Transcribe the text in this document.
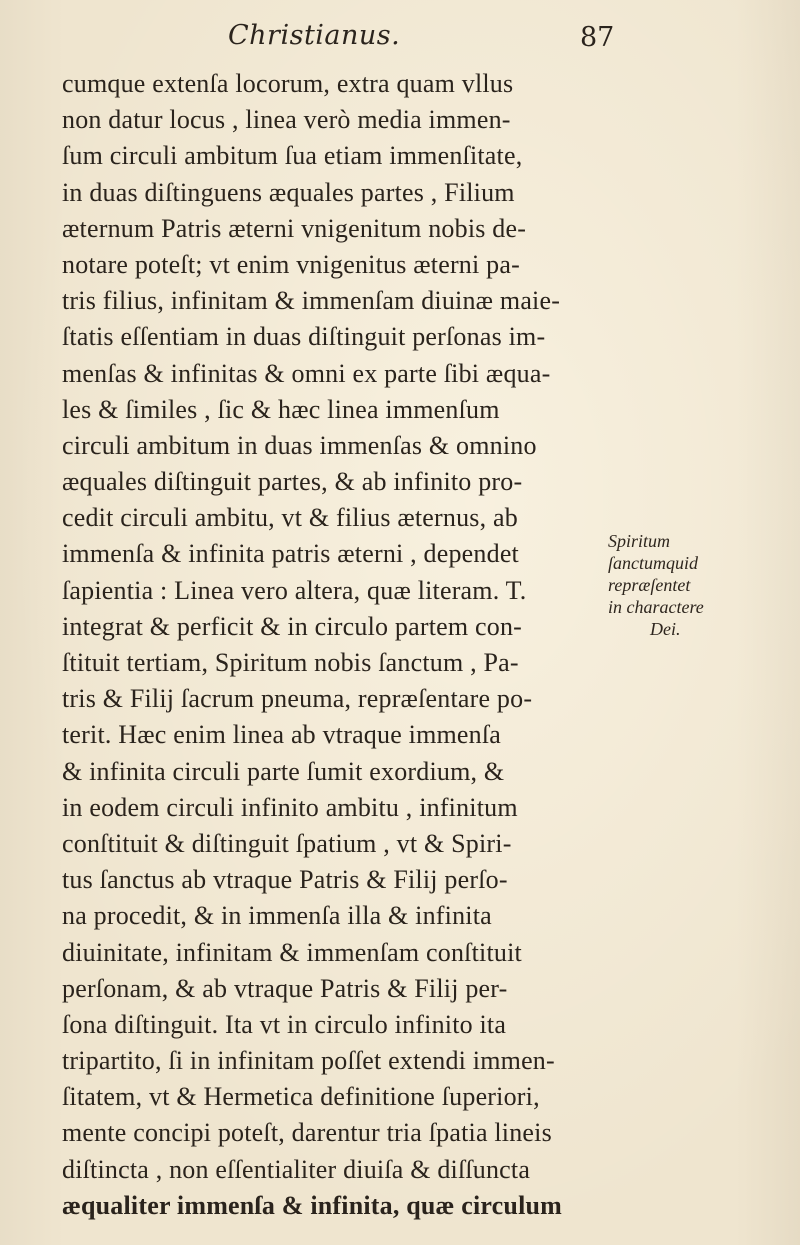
Christianus.	87
cumque extenſa locorum, extra quam vllus
non datur locus , linea verò media immen-
ſum circuli ambitum ſua etiam immenſitate,
in duas diſtinguens æquales partes , Filium
æternum Patris æterni vnigenitum nobis de-
notare poteſt; vt enim vnigenitus æterni pa-
tris filius, infinitam & immenſam diuinæ maie-
ſtatis eſſentiam in duas diſtinguit perſonas im-
menſas & infinitas & omni ex parte ſibi æqua-
les & ſimiles , ſic & hæc linea immenſum
circuli ambitum in duas immenſas & omnino
æquales diſtinguit partes, & ab infinito pro-
cedit circuli ambitu, vt & filius æternus, ab
immenſa & infinita patris æterni , dependet
ſapientia : Linea vero altera, quæ literam. T.
integrat & perficit & in circulo partem con-
ſtituit tertiam, Spiritum nobis ſanctum , Pa-
tris & Filij ſacrum pneuma, repræſentare po-
terit. Hæc enim linea ab vtraque immenſa
& infinita circuli parte ſumit exordium, &
in eodem circuli infinito ambitu , infinitum
conſtituit & diſtinguit ſpatium , vt & Spiri-
tus ſanctus ab vtraque Patris & Filij perſo-
na procedit, & in immenſa illa & infinita
diuinitate, infinitam & immenſam conſtituit
perſonam, & ab vtraque Patris & Filij per-
ſona diſtinguit. Ita vt in circulo infinito ita
tripartito, ſi in infinitam poſſet extendi immen-
ſitatem, vt & Hermetica definitione ſuperiori,
mente concipi poteſt, darentur tria ſpatia lineis
diſtincta , non eſſentialiter diuiſa & diſſuncta
æqualiter immenſa & infinita, quæ circulum
Spiritum
ſanctumquid
repræſentet
in charactere
Dei.
